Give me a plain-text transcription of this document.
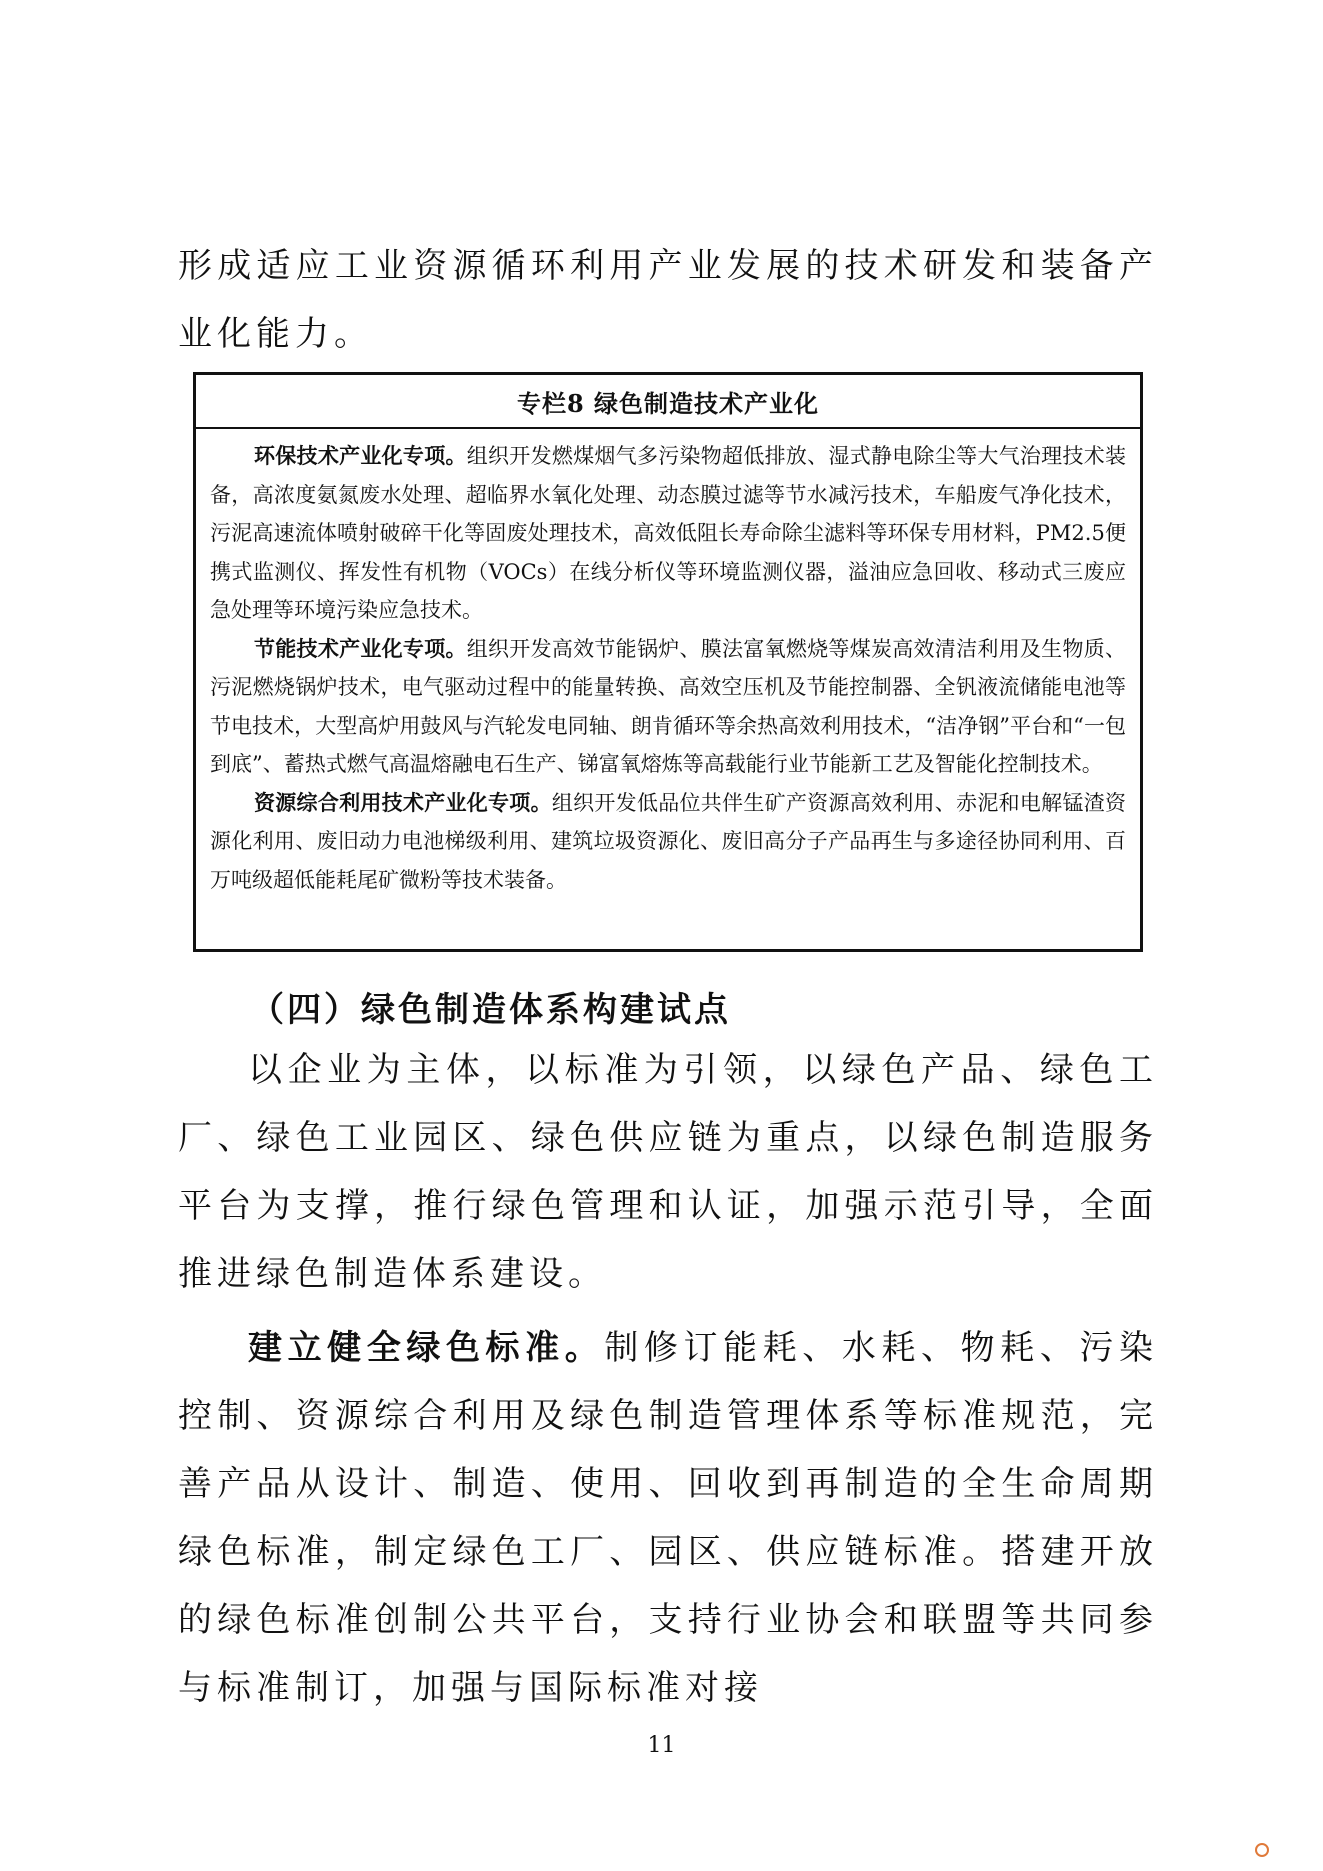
形成适应工业资源循环利用产业发展的技术研发和装备产业化能力。

专栏8 绿色制造技术产业化

环保技术产业化专项。组织开发燃煤烟气多污染物超低排放、湿式静电除尘等大气治理技术装备，高浓度氨氮废水处理、超临界水氧化处理、动态膜过滤等节水减污技术，车船废气净化技术，污泥高速流体喷射破碎干化等固废处理技术，高效低阻长寿命除尘滤料等环保专用材料，PM2.5便携式监测仪、挥发性有机物（VOCs）在线分析仪等环境监测仪器，溢油应急回收、移动式三废应急处理等环境污染应急技术。

节能技术产业化专项。组织开发高效节能锅炉、膜法富氧燃烧等煤炭高效清洁利用及生物质、污泥燃烧锅炉技术，电气驱动过程中的能量转换、高效空压机及节能控制器、全钒液流储能电池等节电技术，大型高炉用鼓风与汽轮发电同轴、朗肯循环等余热高效利用技术，“洁净钢”平台和“一包到底”、蓄热式燃气高温熔融电石生产、锑富氧熔炼等高载能行业节能新工艺及智能化控制技术。

资源综合利用技术产业化专项。组织开发低品位共伴生矿产资源高效利用、赤泥和电解锰渣资源化利用、废旧动力电池梯级利用、建筑垃圾资源化、废旧高分子产品再生与多途径协同利用、百万吨级超低能耗尾矿微粉等技术装备。

（四）绿色制造体系构建试点

以企业为主体，以标准为引领，以绿色产品、绿色工厂、绿色工业园区、绿色供应链为重点，以绿色制造服务平台为支撑，推行绿色管理和认证，加强示范引导，全面推进绿色制造体系建设。

建立健全绿色标准。制修订能耗、水耗、物耗、污染控制、资源综合利用及绿色制造管理体系等标准规范，完善产品从设计、制造、使用、回收到再制造的全生命周期绿色标准，制定绿色工厂、园区、供应链标准。搭建开放的绿色标准创制公共平台，支持行业协会和联盟等共同参与标准制订，加强与国际标准对接

11
